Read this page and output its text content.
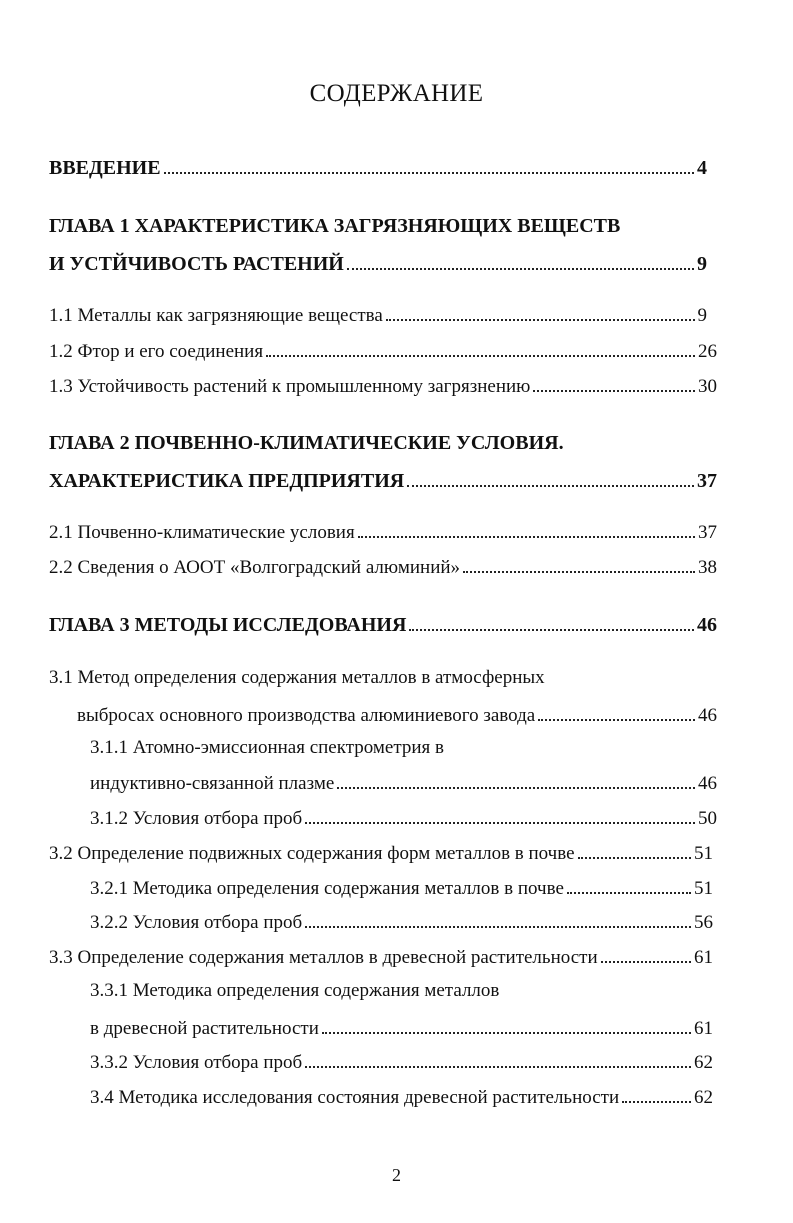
СОДЕРЖАНИЕ
ВВЕДЕНИЕ	4
ГЛАВА 1 ХАРАКТЕРИСТИКА ЗАГРЯЗНЯЮЩИХ ВЕЩЕСТВ
И УСТЙЧИВОСТЬ РАСТЕНИЙ	9
1.1 Металлы как загрязняющие вещества	9
1.2 Фтор и его соединения	26
1.3 Устойчивость растений к промышленному загрязнению	30
ГЛАВА 2 ПОЧВЕННО-КЛИМАТИЧЕСКИЕ УСЛОВИЯ.
ХАРАКТЕРИСТИКА ПРЕДПРИЯТИЯ	37
2.1 Почвенно-климатические условия	37
2.2 Сведения о АООТ «Волгоградский алюминий»	38
ГЛАВА 3 МЕТОДЫ ИССЛЕДОВАНИЯ	46
3.1 Метод определения содержания металлов в атмосферных
выбросах основного производства алюминиевого завода	46
3.1.1 Атомно-эмиссионная спектрометрия в
индуктивно-связанной плазме	46
3.1.2 Условия отбора проб	50
3.2 Определение подвижных содержания форм металлов в почве	51
3.2.1 Методика определения содержания металлов в почве	51
3.2.2 Условия отбора проб	56
3.3 Определение содержания металлов в древесной растительности	61
3.3.1 Методика определения содержания металлов
в древесной растительности	61
3.3.2 Условия отбора проб	62
3.4 Методика исследования состояния древесной растительности	62
2
